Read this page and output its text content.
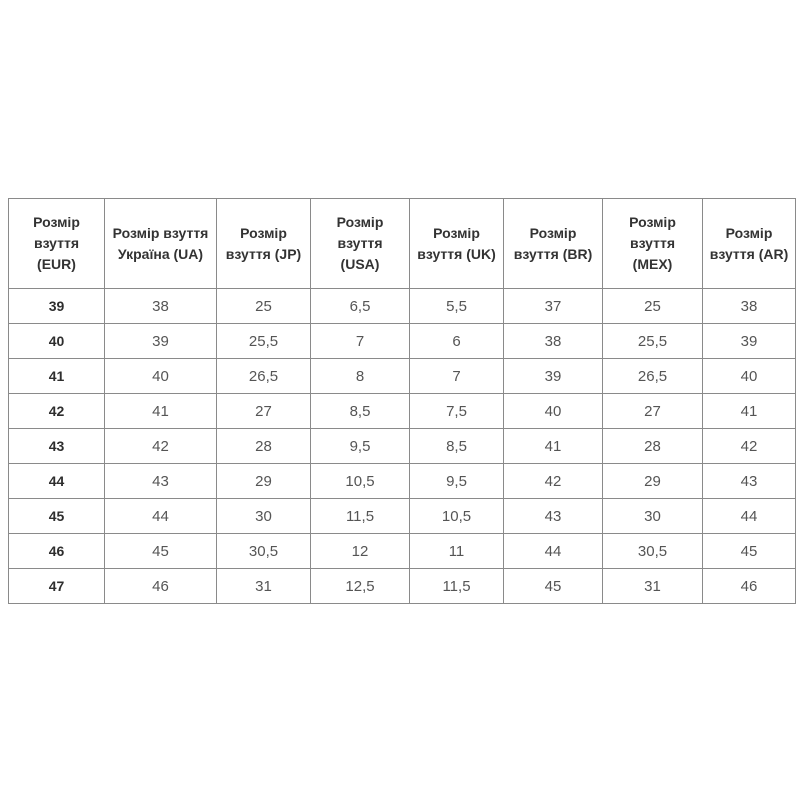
Розмір взуття (EUR)	Розмір взуття Україна (UA)	Розмір взуття (JP)	Розмір взуття (USA)	Розмір взуття (UK)	Розмір взуття (BR)	Розмір взуття (MEX)	Розмір взуття (AR)
39	38	25	6,5	5,5	37	25	38
40	39	25,5	7	6	38	25,5	39
41	40	26,5	8	7	39	26,5	40
42	41	27	8,5	7,5	40	27	41
43	42	28	9,5	8,5	41	28	42
44	43	29	10,5	9,5	42	29	43
45	44	30	11,5	10,5	43	30	44
46	45	30,5	12	11	44	30,5	45
47	46	31	12,5	11,5	45	31	46
